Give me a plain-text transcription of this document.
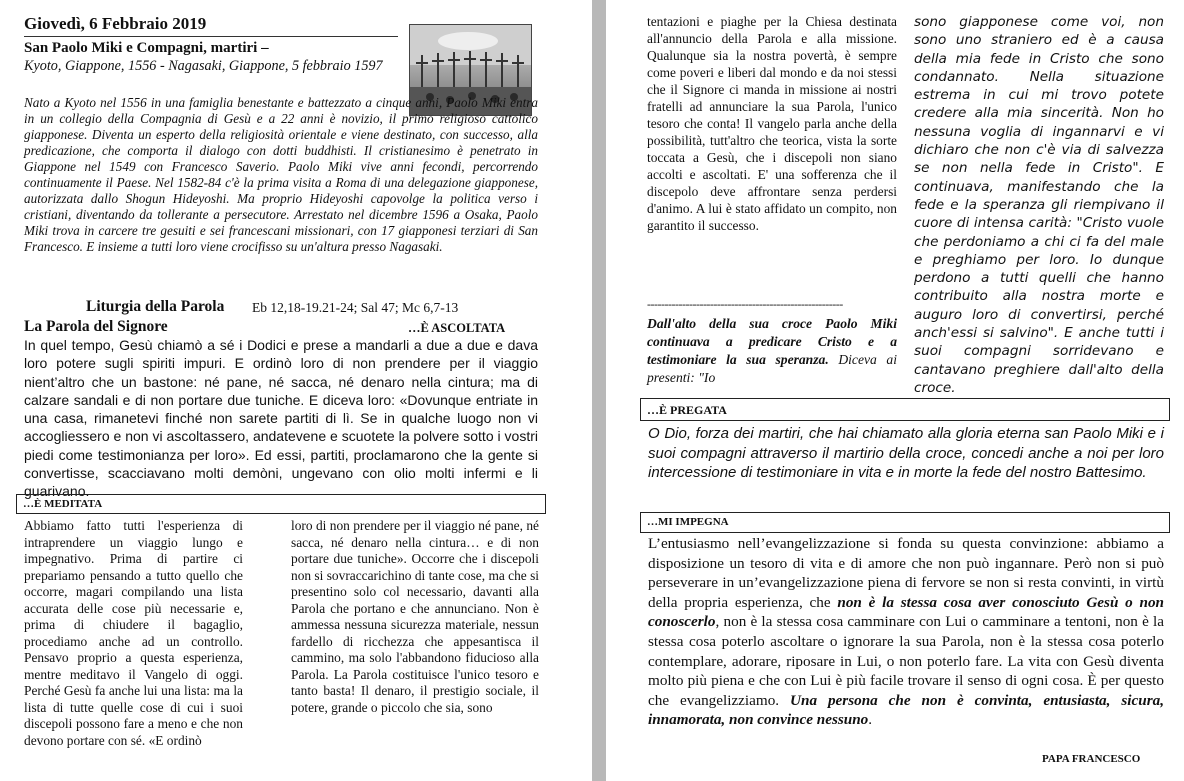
Giovedì, 6 Febbraio 2019
San Paolo Miki e Compagni, martiri –
Kyoto, Giappone, 1556 - Nagasaki, Giappone, 5 febbraio 1597

Nato a Kyoto nel 1556 in una famiglia benestante e battezzato a cinque anni, Paolo Miki entra in un collegio della Compagnia di Gesù e a 22 anni è novizio, il primo religioso cattolico giapponese. Diventa un esperto della religiosità orientale e viene destinato, con successo, alla predicazione, che comporta il dialogo con dotti buddhisti. Il cristianesimo è penetrato in Giappone nel 1549 con Francesco Saverio. Paolo Miki vive anni fecondi, percorrendo continuamente il Paese. Nel 1582-84 c'è la prima visita a Roma di una delegazione giapponese, autorizzata dallo Shogun Hideyoshi. Ma proprio Hideyoshi capovolge la politica verso i cristiani, diventando da tollerante a persecutore. Arrestato nel dicembre 1596 a Osaka, Paolo Miki trova in carcere tre gesuiti e sei francescani missionari, con 17 giapponesi terziari di San Francesco. E insieme a tutti loro viene crocifisso su un'altura presso Nagasaki.

Liturgia della Parola Eb 12,18-19.21-24; Sal 47; Mc 6,7-13
La Parola del Signore	…È ASCOLTATA

In quel tempo, Gesù chiamò a sé i Dodici e prese a mandarli a due a due e dava loro potere sugli spiriti impuri. E ordinò loro di non prendere per il viaggio nient’altro che un bastone: né pane, né sacca, né denaro nella cintura; ma di calzare sandali e di non portare due tuniche. E diceva loro: «Dovunque entriate in una casa, rimanetevi finché non sarete partiti di lì. Se in qualche luogo non vi accogliessero e non vi ascoltassero, andatevene e scuotete la polvere sotto i vostri piedi come testimonianza per loro». Ed essi, partiti, proclamarono che la gente si convertisse, scacciavano molti demòni, ungevano con olio molti infermi e li guarivano.

…È MEDITATA

Abbiamo fatto tutti l'esperienza di intraprendere un viaggio lungo e impegnativo. Prima di partire ci prepariamo pensando a tutto quello che occorre, magari compilando una lista accurata delle cose più necessarie e, prima di chiudere il bagaglio, procediamo anche ad un controllo. Pensavo proprio a questa esperienza, mentre meditavo il Vangelo di oggi. Perché Gesù fa anche lui una lista: ma la lista di tutte quelle cose di cui i suoi discepoli possono fare a meno e che non devono portare con sé. «E ordinò

loro di non prendere per il viaggio né pane, né sacca, né denaro nella cintura… e di non portare due tuniche». Occorre che i discepoli non si sovraccarichino di tante cose, ma che si presentino solo col necessario, davanti alla Parola che portano e che annunciano. Non è ammessa nessuna sicurezza materiale, nessun fardello di ricchezza che appesantisca il cammino, ma solo l'abbandono fiducioso alla Parola. La Parola costituisce l'unico tesoro e tanto basta! Il denaro, il prestigio sociale, il potere, grande o piccolo che sia, sono

tentazioni e piaghe per la Chiesa destinata all'annuncio della Parola e alla missione. Qualunque sia la nostra povertà, è sempre come poveri e liberi dal mondo e da noi stessi che il Signore ci manda in missione ai nostri fratelli ad annunciare la sua Parola, l'unico tesoro che conta! Il vangelo parla anche della possibilità, tutt'altro che teorica, vista la sorte toccata a Gesù, che i discepoli non siano accolti e ascoltati. E' una sofferenza che il discepolo deve affrontare senza perdersi d'animo. A lui è stato affidato un compito, non garantito il successo.

--------------------------------------------------------

Dall'alto della sua croce Paolo Miki continuava a predicare Cristo e a testimoniare la sua speranza. Diceva ai presenti: "Io

sono giapponese come voi, non sono uno straniero ed è a causa della mia fede in Cristo che sono condannato. Nella situazione estrema in cui mi trovo potete credere alla mia sincerità. Non ho nessuna voglia di ingannarvi e vi dichiaro che non c'è via di salvezza se non nella fede in Cristo". E continuava, manifestando che la fede e la speranza gli riempivano il cuore di intensa carità: "Cristo vuole che perdoniamo a chi ci fa del male e preghiamo per loro. Io dunque perdono a tutti quelli che hanno contribuito alla nostra morte e auguro loro di convertirsi, perché anch'essi si salvino". E anche tutti i suoi compagni sorridevano e cantavano preghiere dall'alto della croce.

…È PREGATA

O Dio, forza dei martiri, che hai chiamato alla gloria eterna san Paolo Miki e i suoi compagni attraverso il martirio della croce, concedi anche a noi per loro intercessione di testimoniare in vita e in morte la fede del nostro Battesimo.

…MI IMPEGNA

L’entusiasmo nell’evangelizzazione si fonda su questa convinzione: abbiamo a disposizione un tesoro di vita e di amore che non può ingannare. Però non si può perseverare in un’evangelizzazione piena di fervore se non si resta convinti, in virtù della propria esperienza, che non è la stessa cosa aver conosciuto Gesù o non conoscerlo, non è la stessa cosa camminare con Lui o camminare a tentoni, non è la stessa cosa poterlo ascoltare o ignorare la sua Parola, non è la stessa cosa poterlo contemplare, adorare, riposare in Lui, o non poterlo fare. La vita con Gesù diventa molto più piena e che con Lui è più facile trovare il senso di ogni cosa. È per questo che evangelizziamo. Una persona che non è convinta, entusiasta, sicura, innamorata, non convince nessuno.

PAPA FRANCESCO
